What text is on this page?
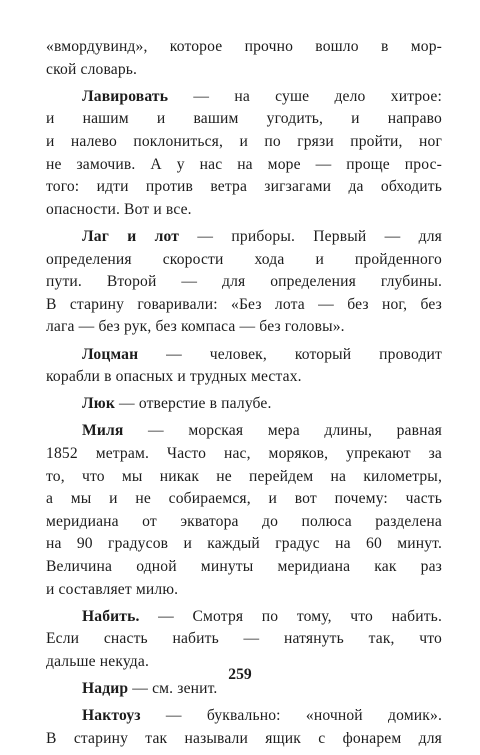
«вмордувинд», которое прочно вошло в мор-
ской словарь.
Лавировать — на суше дело хитрое:
и нашим и вашим угодить, и направо
и налево поклониться, и по грязи пройти, ног
не замочив. А у нас на море — проще прос-
того: идти против ветра зигзагами да обходить
опасности. Вот и все.
Лаг и лот — приборы. Первый — для
определения скорости хода и пройденного
пути. Второй — для определения глубины.
В старину говаривали: «Без лота — без ног, без
лага — без рук, без компаса — без головы».
Лоцман — человек, который проводит
корабли в опасных и трудных местах.
Люк — отверстие в палубе.
Миля — морская мера длины, равная
1852 метрам. Часто нас, моряков, упрекают за
то, что мы никак не перейдем на километры,
а мы и не собираемся, и вот почему: часть
меридиана от экватора до полюса разделена
на 90 градусов и каждый градус на 60 минут.
Величина одной минуты меридиана как раз
и составляет милю.
Набить. — Смотря по тому, что набить.
Если снасть набить — натянуть так, что
дальше некуда.
Надир — см. зенит.
Нактоуз — буквально: «ночной домик».
В старину так называли ящик с фонарем для
259
